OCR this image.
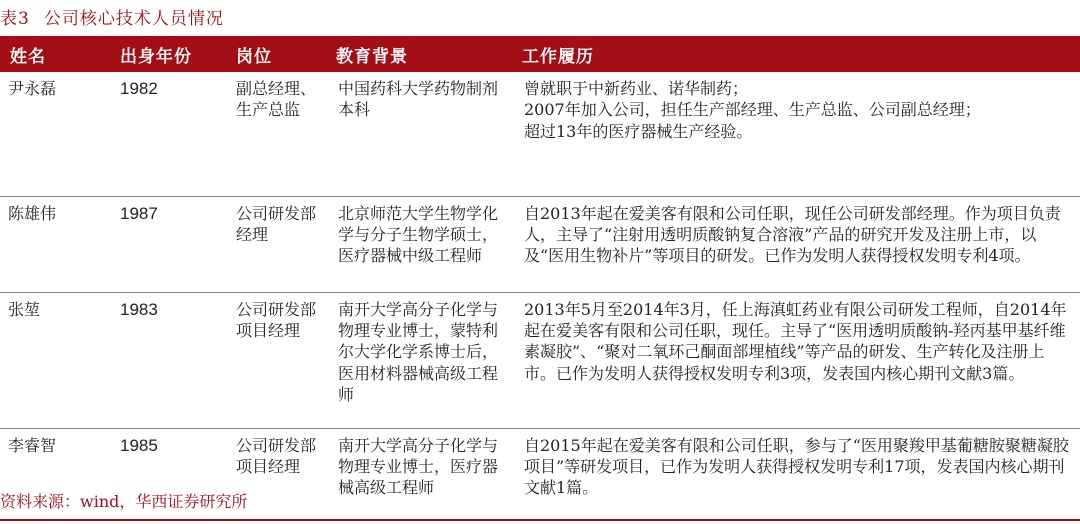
表3 公司核心技术人员情况
姓名	出身年份	岗位	教育背景	工作履历
尹永磊	1982	副总经理、生产总监	中国药科大学药物制剂本科	曾就职于中新药业、诺华制药；
2007年加入公司，担任生产部经理、生产总监、公司副总经理；
超过13年的医疗器械生产经验。

陈雄伟	1987	公司研发部经理	北京师范大学生物学化学与分子生物学硕士，医疗器械中级工程师	自2013年起在爱美客有限和公司任职，现任公司研发部经理。作为项目负责人，主导了“注射用透明质酸钠复合溶液”产品的研究开发及注册上市，以及“医用生物补片”等项目的研发。已作为发明人获得授权发明专利4项。
张堃	1983	公司研发部项目经理	南开大学高分子化学与物理专业博士，蒙特利尔大学化学系博士后，医用材料器械高级工程师	2013年5月至2014年3月，任上海滇虹药业有限公司研发工程师，自2014年起在爱美客有限和公司任职，现任。主导了“医用透明质酸钠-羟丙基甲基纤维素凝胶”、“聚对二氧环己酮面部埋植线”等产品的研发、生产转化及注册上市。已作为发明人获得授权发明专利3项，发表国内核心期刊文献3篇。
李睿智	1985	公司研发部项目经理	南开大学高分子化学与物理专业博士，医疗器械高级工程师	自2015年起在爱美客有限和公司任职，参与了“医用聚羧甲基葡糖胺聚糖凝胶项目”等研发项目，已作为发明人获得授权发明专利17项，发表国内核心期刊文献1篇。
资料来源：wind，华西证券研究所
